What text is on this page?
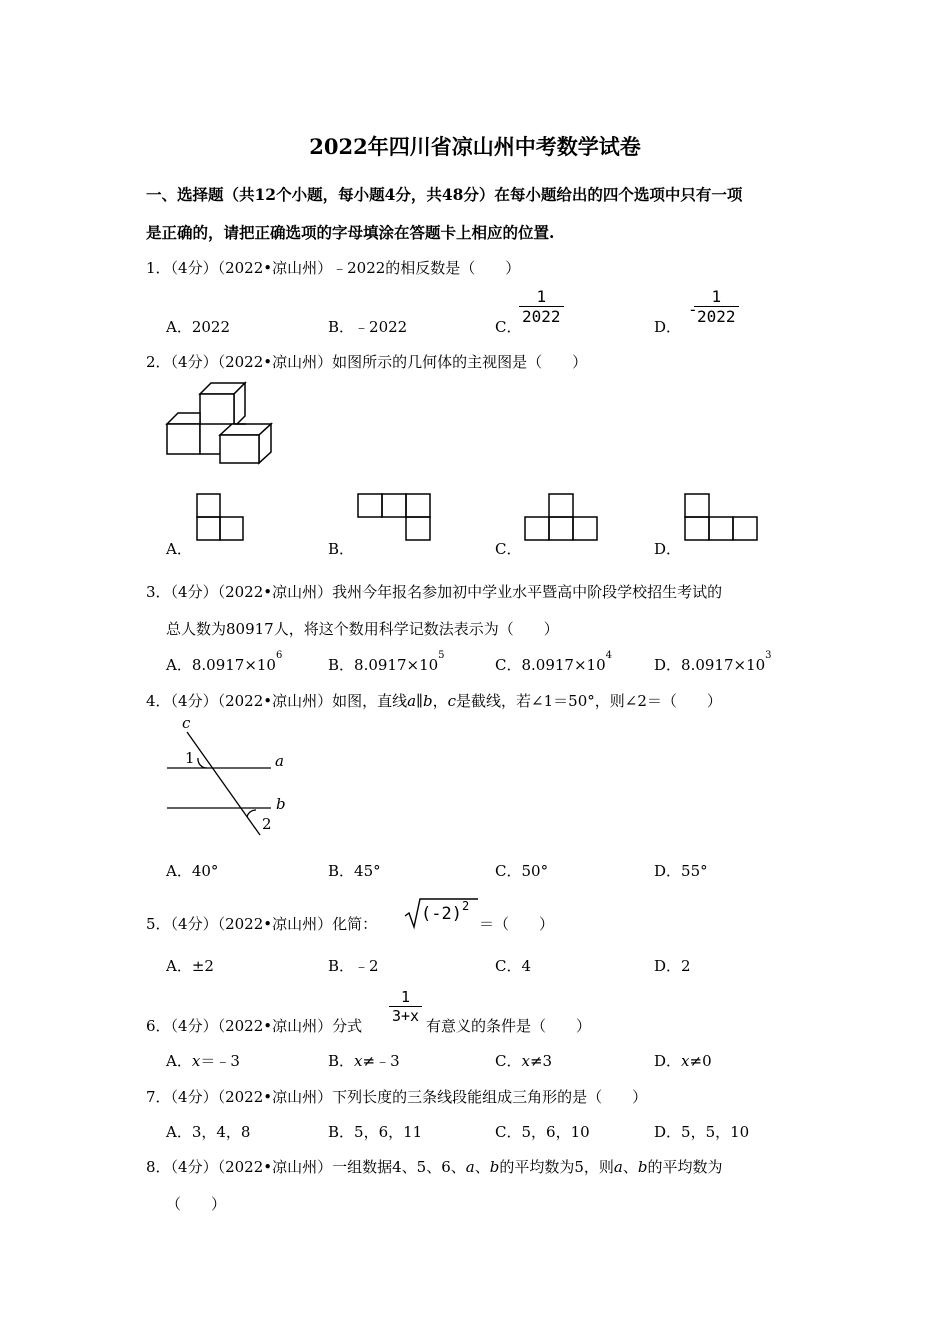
2022年四川省凉山州中考数学试卷
一、选择题（共12个小题，每小题4分，共48分）在每小题给出的四个选项中只有一项
是正确的，请把正确选项的字母填涂在答题卡上相应的位置.
1．（4分）（2022•凉山州）﹣2022的相反数是（　　）
A．2022	B．﹣2022	C．
$\frac{1}{2022}$
D．
-
$\frac{1}{2022}$
2．（4分）（2022•凉山州）如图所示的几何体的主视图是（　　）
A．	B．	C．	D．
3．（4分）（2022•凉山州）我州今年报名参加初中学业水平暨高中阶段学校招生考试的
总人数为80917人，将这个数用科学记数法表示为（　　）
A．$8.0917\times 10^6$
B．$8.0917\times 10^5$
C．$8.0917\times 10^4$
D．$8.0917\times 10^3$
4．（4分）（2022•凉山州）如图，直线a∥b，c是截线，若∠1＝50°，则∠2＝（　　）
c
1	a
b
2
A．40°	B．45°	C．50°	D．55°
5．（4分）（2022•凉山州）化简：	$(-2)^2$
＝（　　）
A．±2	B．﹣2	C．4	D．2
6．（4分）（2022•凉山州）分式
$\frac{1}{3+x}$
有意义的条件是（　　）
A．x＝﹣3	B．x≠﹣3	C．x≠3	D．x≠0
7．（4分）（2022•凉山州）下列长度的三条线段能组成三角形的是（　　）
A．3，4，8	B．5，6，11	C．5，6，10	D．5，5，10
8．（4分）（2022•凉山州）一组数据4、5、6、a、b的平均数为5，则a、b的平均数为
（　　）
